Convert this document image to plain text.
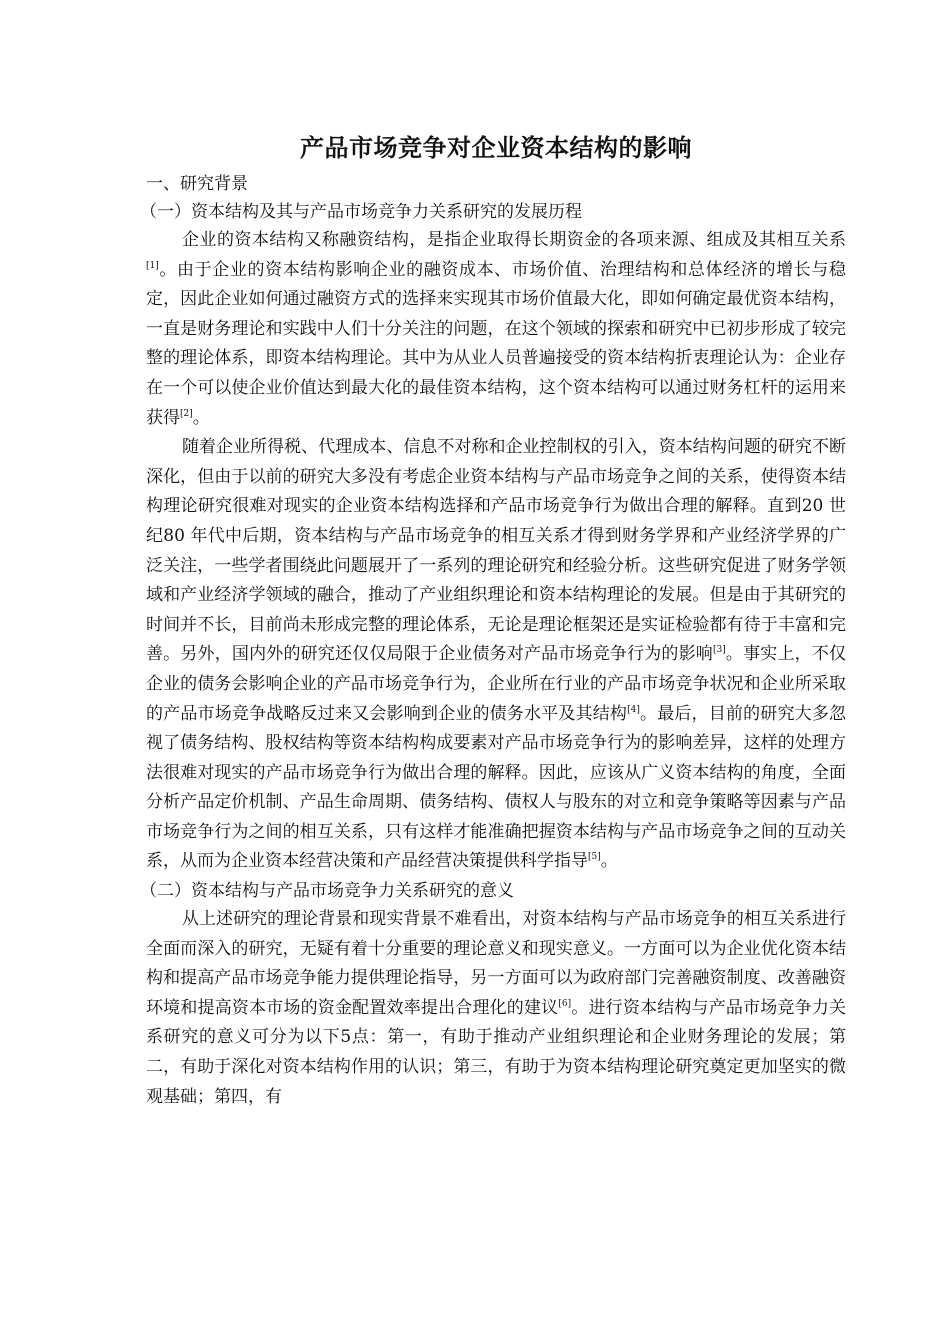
产品市场竞争对企业资本结构的影响

一、研究背景

（一）资本结构及其与产品市场竞争力关系研究的发展历程

企业的资本结构又称融资结构，是指企业取得长期资金的各项来源、组成及其相互关系[1]。由于企业的资本结构影响企业的融资成本、市场价值、治理结构和总体经济的增长与稳定，因此企业如何通过融资方式的选择来实现其市场价值最大化，即如何确定最优资本结构，一直是财务理论和实践中人们十分关注的问题，在这个领域的探索和研究中已初步形成了较完整的理论体系，即资本结构理论。其中为从业人员普遍接受的资本结构折衷理论认为：企业存在一个可以使企业价值达到最大化的最佳资本结构，这个资本结构可以通过财务杠杆的运用来获得[2]。

随着企业所得税、代理成本、信息不对称和企业控制权的引入，资本结构问题的研究不断深化，但由于以前的研究大多没有考虑企业资本结构与产品市场竞争之间的关系，使得资本结构理论研究很难对现实的企业资本结构选择和产品市场竞争行为做出合理的解释。直到20 世纪80 年代中后期，资本结构与产品市场竞争的相互关系才得到财务学界和产业经济学界的广泛关注，一些学者围绕此问题展开了一系列的理论研究和经验分析。这些研究促进了财务学领域和产业经济学领域的融合，推动了产业组织理论和资本结构理论的发展。但是由于其研究的时间并不长，目前尚未形成完整的理论体系，无论是理论框架还是实证检验都有待于丰富和完善。另外，国内外的研究还仅仅局限于企业债务对产品市场竞争行为的影响[3]。事实上，不仅企业的债务会影响企业的产品市场竞争行为，企业所在行业的产品市场竞争状况和企业所采取的产品市场竞争战略反过来又会影响到企业的债务水平及其结构[4]。最后，目前的研究大多忽视了债务结构、股权结构等资本结构构成要素对产品市场竞争行为的影响差异，这样的处理方法很难对现实的产品市场竞争行为做出合理的解释。因此，应该从广义资本结构的角度，全面分析产品定价机制、产品生命周期、债务结构、债权人与股东的对立和竞争策略等因素与产品市场竞争行为之间的相互关系，只有这样才能准确把握资本结构与产品市场竞争之间的互动关系，从而为企业资本经营决策和产品经营决策提供科学指导[5]。

（二）资本结构与产品市场竞争力关系研究的意义

从上述研究的理论背景和现实背景不难看出，对资本结构与产品市场竞争的相互关系进行全面而深入的研究，无疑有着十分重要的理论意义和现实意义。一方面可以为企业优化资本结构和提高产品市场竞争能力提供理论指导，另一方面可以为政府部门完善融资制度、改善融资环境和提高资本市场的资金配置效率提出合理化的建议[6]。进行资本结构与产品市场竞争力关系研究的意义可分为以下5点：第一，有助于推动产业组织理论和企业财务理论的发展；第二，有助于深化对资本结构作用的认识；第三，有助于为资本结构理论研究奠定更加坚实的微观基础；第四，有
